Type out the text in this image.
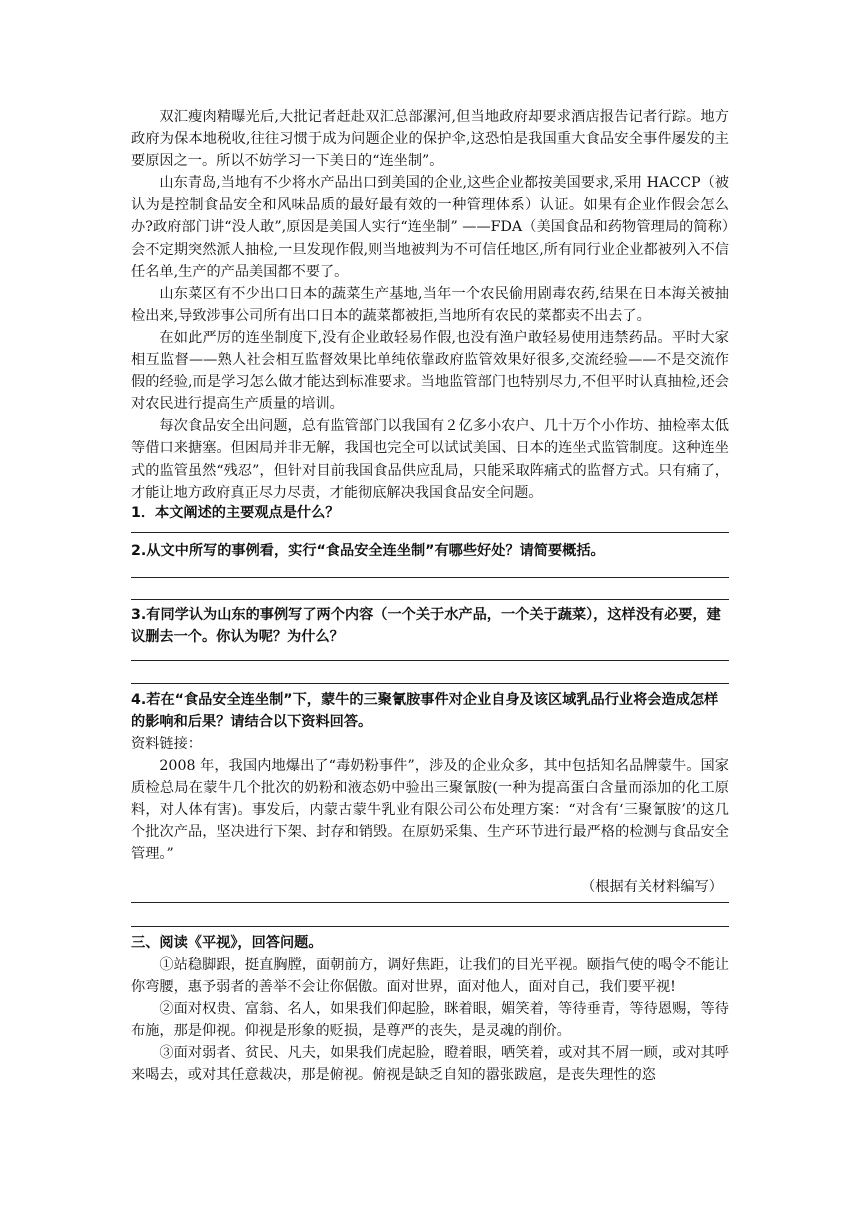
双汇瘦肉精曝光后,大批记者赶赴双汇总部漯河,但当地政府却要求酒店报告记者行踪。地方政府为保本地税收,往往习惯于成为问题企业的保护伞,这恐怕是我国重大食品安全事件屡发的主要原因之一。所以不妨学习一下美日的“连坐制”。

山东青岛,当地有不少将水产品出口到美国的企业,这些企业都按美国要求,采用 HACCP（被认为是控制食品安全和风味品质的最好最有效的一种管理体系）认证。如果有企业作假会怎么办?政府部门讲“没人敢”,原因是美国人实行“连坐制” ——FDA（美国食品和药物管理局的简称）会不定期突然派人抽检,一旦发现作假,则当地被判为不可信任地区,所有同行业企业都被列入不信任名单,生产的产品美国都不要了。

山东菜区有不少出口日本的蔬菜生产基地,当年一个农民偷用剧毒农药,结果在日本海关被抽检出来,导致涉事公司所有出口日本的蔬菜都被拒,当地所有农民的菜都卖不出去了。

在如此严厉的连坐制度下,没有企业敢轻易作假,也没有渔户敢轻易使用违禁药品。平时大家相互监督——熟人社会相互监督效果比单纯依靠政府监管效果好很多,交流经验——不是交流作假的经验,而是学习怎么做才能达到标准要求。当地监管部门也特别尽力,不但平时认真抽检,还会对农民进行提高生产质量的培训。

每次食品安全出问题，总有监管部门以我国有２亿多小农户、几十万个小作坊、抽检率太低等借口来搪塞。但困局并非无解，我国也完全可以试试美国、日本的连坐式监管制度。这种连坐式的监管虽然“残忍”，但针对目前我国食品供应乱局，只能采取阵痛式的监督方式。只有痛了，才能让地方政府真正尽力尽责，才能彻底解决我国食品安全问题。

1．本文阐述的主要观点是什么？
2.从文中所写的事例看，实行“食品安全连坐制”有哪些好处？请简要概括。
3.有同学认为山东的事例写了两个内容（一个关于水产品，一个关于蔬菜），这样没有必要，建议删去一个。你认为呢？为什么？
4.若在“食品安全连坐制”下，蒙牛的三聚氰胺事件对企业自身及该区域乳品行业将会造成怎样的影响和后果？请结合以下资料回答。

资料链接：

2008 年，我国内地爆出了“毒奶粉事件”，涉及的企业众多，其中包括知名品牌蒙牛。国家质检总局在蒙牛几个批次的奶粉和液态奶中验出三聚氰胺(一种为提高蛋白含量而添加的化工原料，对人体有害)。事发后，内蒙古蒙牛乳业有限公司公布处理方案：“对含有‘三聚氰胺’的这几个批次产品，坚决进行下架、封存和销毁。在原奶采集、生产环节进行最严格的检测与食品安全管理。”

（根据有关材料编写）

三、阅读《平视》，回答问题。

①站稳脚跟，挺直胸膛，面朝前方，调好焦距，让我们的目光平视。颐指气使的喝令不能让你弯腰，惠予弱者的善举不会让你倨傲。面对世界，面对他人，面对自己，我们要平视!

②面对权贵、富翁、名人，如果我们仰起脸，眯着眼，媚笑着，等待垂青，等待恩赐，等待布施，那是仰视。仰视是形象的贬损，是尊严的丧失，是灵魂的削价。

③面对弱者、贫民、凡夫，如果我们虎起脸，瞪着眼，哂笑着，或对其不屑一顾，或对其呼来喝去，或对其任意裁决，那是俯视。俯视是缺乏自知的嚣张跋扈，是丧失理性的恣
